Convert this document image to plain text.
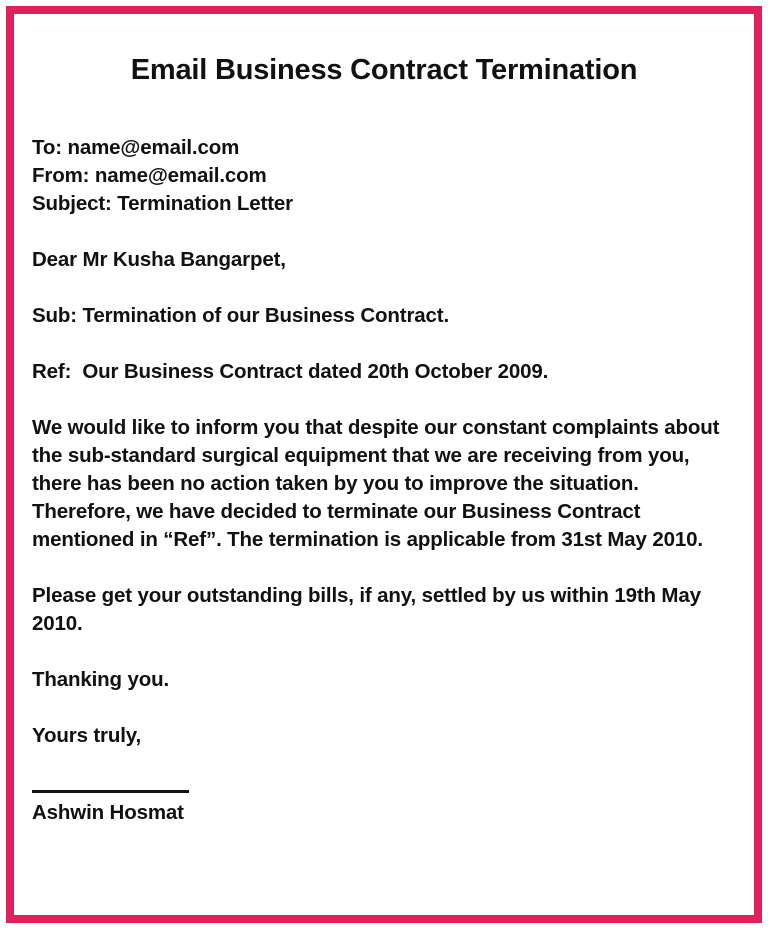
Email Business Contract Termination
To: name@email.com
From: name@email.com
Subject: Termination Letter
Dear Mr Kusha Bangarpet,
Sub: Termination of our Business Contract.
Ref:  Our Business Contract dated 20th October 2009.
We would like to inform you that despite our constant complaints about the sub-standard surgical equipment that we are receiving from you, there has been no action taken by you to improve the situation. Therefore, we have decided to terminate our Business Contract mentioned in “Ref”. The termination is applicable from 31st May 2010.
Please get your outstanding bills, if any, settled by us within 19th May 2010.
Thanking you.
Yours truly,
Ashwin Hosmat
